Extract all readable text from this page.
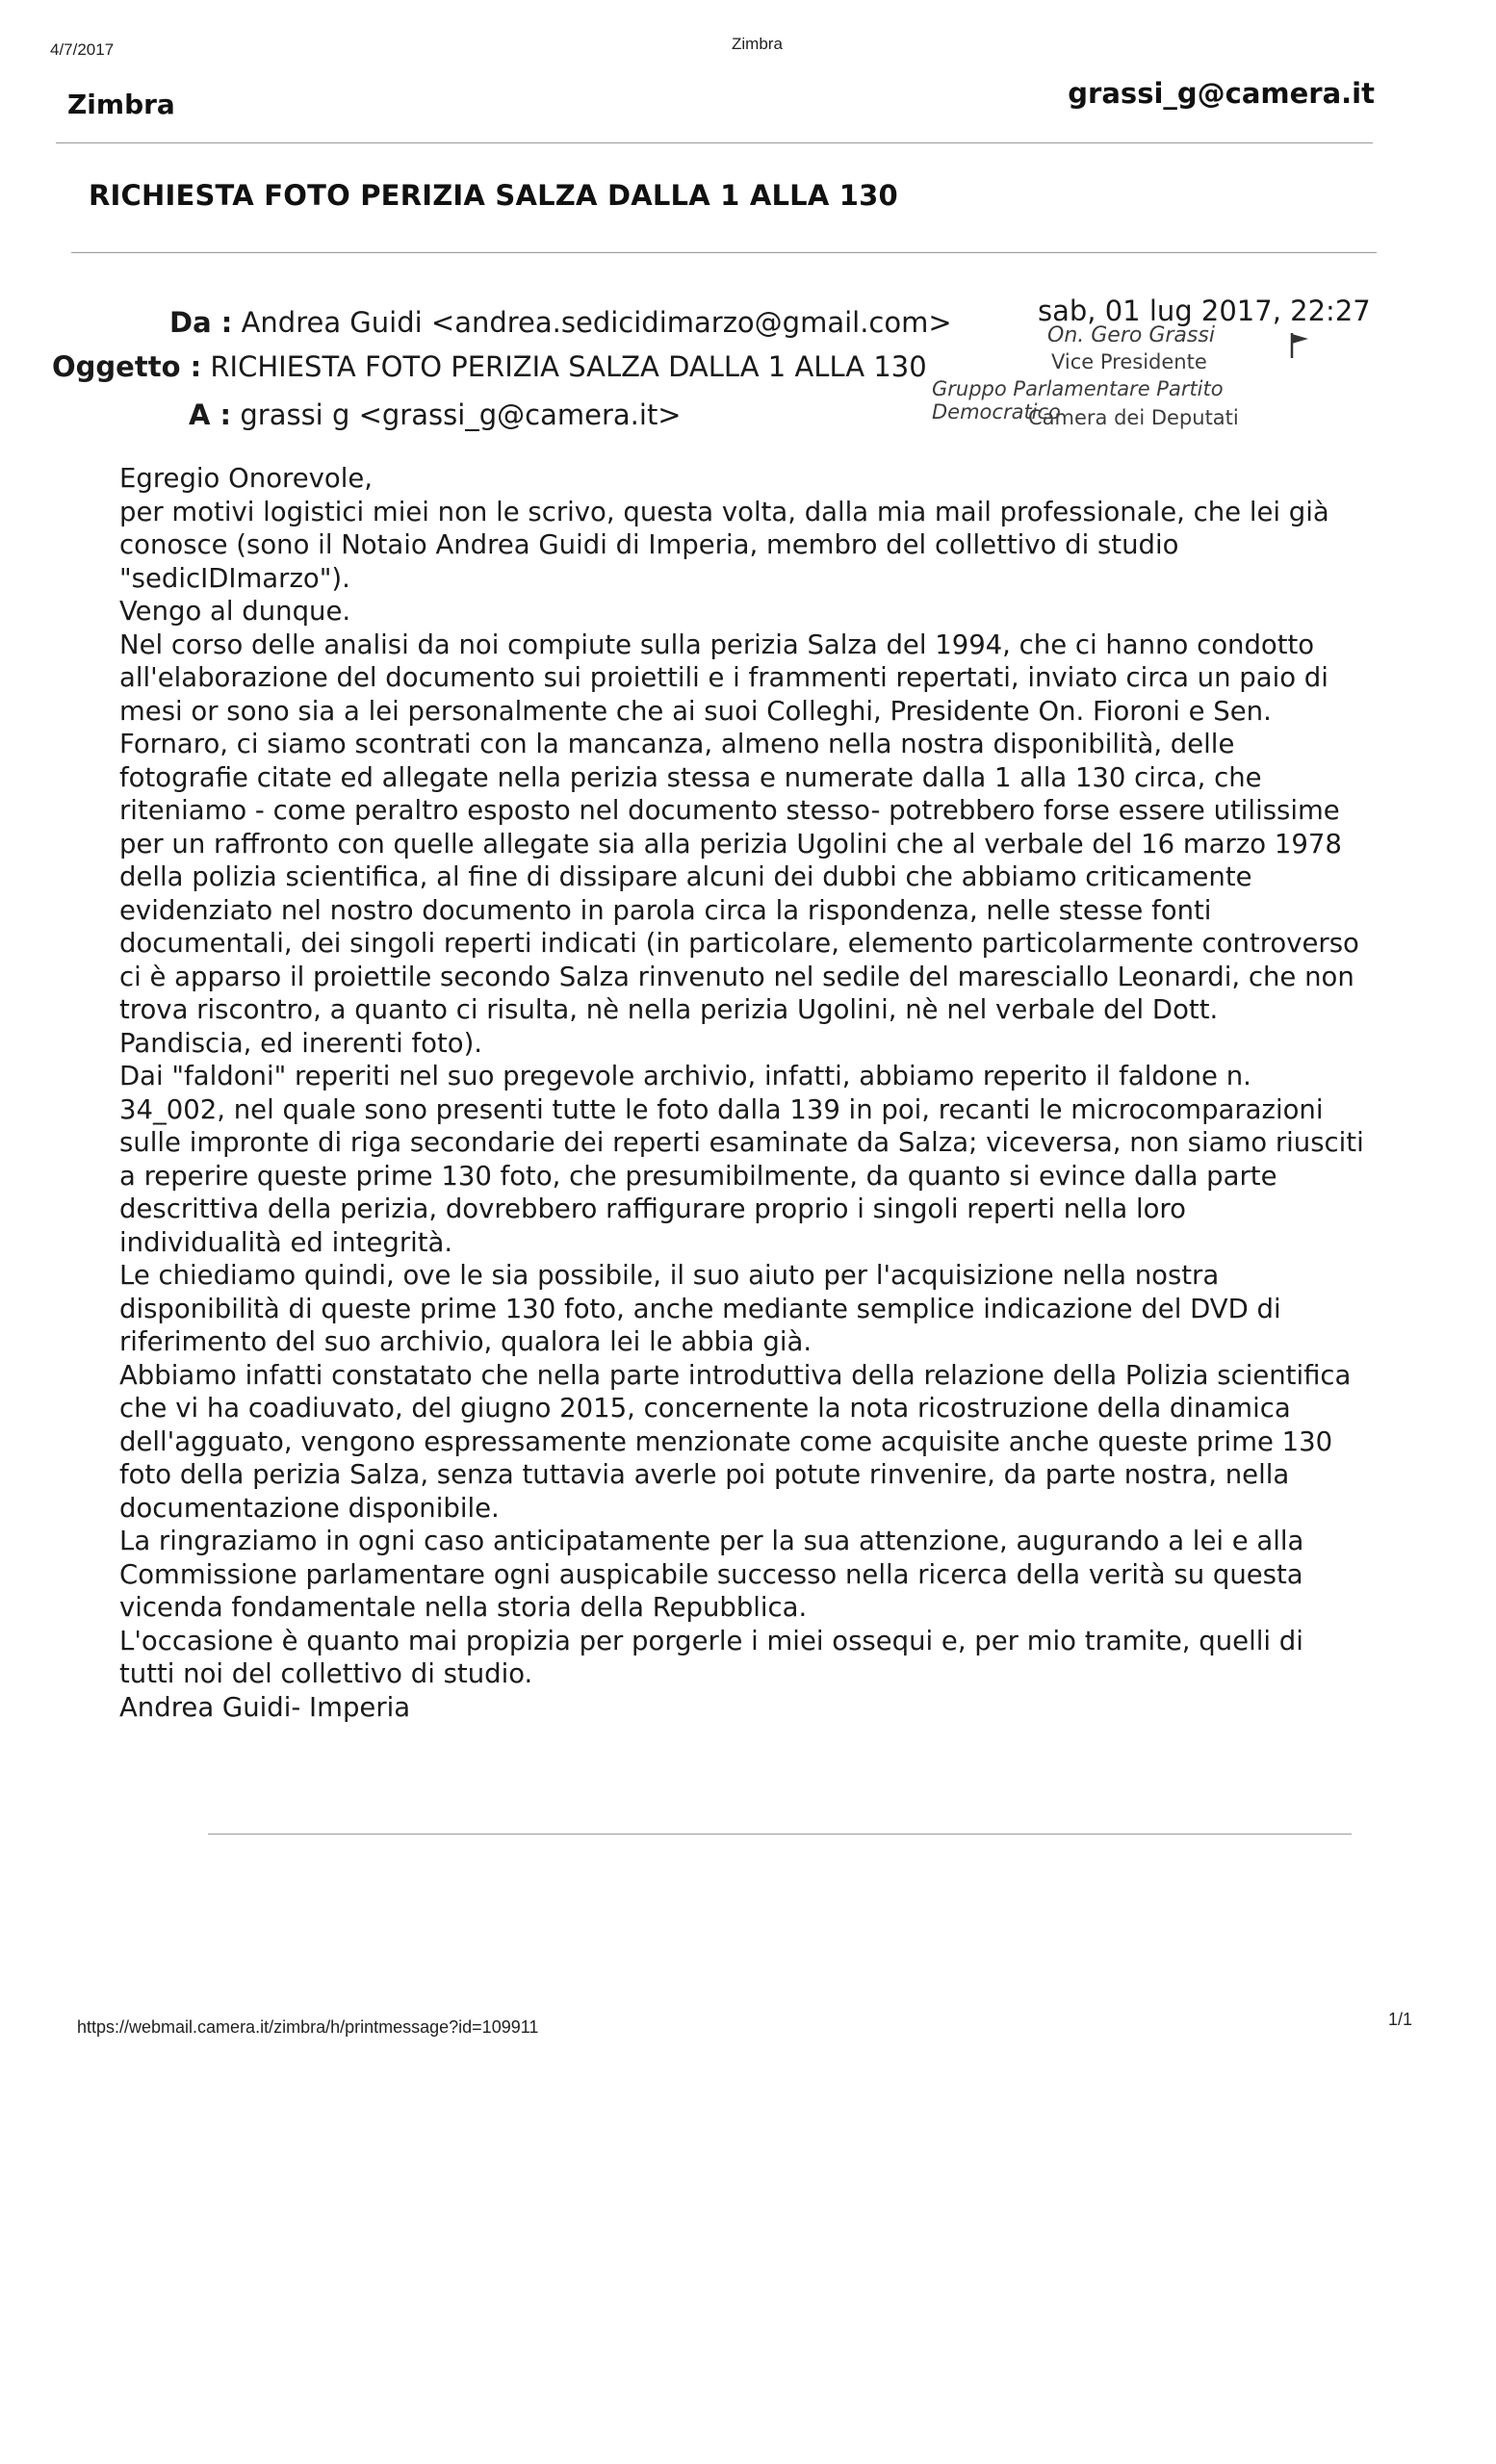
4/7/2017	Zimbra
Zimbra	grassi_g@camera.it
RICHIESTA FOTO PERIZIA SALZA DALLA 1 ALLA 130
Da : Andrea Guidi <andrea.sedicidimarzo@gmail.com>
Oggetto : RICHIESTA FOTO PERIZIA SALZA DALLA 1 ALLA 130
A : grassi g <grassi_g@camera.it>
sab, 01 lug 2017, 22:27
On. Gero Grassi
Vice Presidente
Gruppo Parlamentare Partito Democratico
Camera dei Deputati
Egregio Onorevole,
per motivi logistici miei non le scrivo, questa volta, dalla mia mail professionale, che lei già
conosce (sono il Notaio Andrea Guidi di Imperia, membro del collettivo di studio
"sedicIDImarzo").
Vengo al dunque.
Nel corso delle analisi da noi compiute sulla perizia Salza del 1994, che ci hanno condotto
all'elaborazione del documento sui proiettili e i frammenti repertati, inviato circa un paio di
mesi or sono sia a lei personalmente che ai suoi Colleghi, Presidente On. Fioroni e Sen.
Fornaro, ci siamo scontrati con la mancanza, almeno nella nostra disponibilità, delle
fotografie citate ed allegate nella perizia stessa e numerate dalla 1 alla 130 circa, che
riteniamo - come peraltro esposto nel documento stesso- potrebbero forse essere utilissime
per un raffronto con quelle allegate sia alla perizia Ugolini che al verbale del 16 marzo 1978
della polizia scientifica, al fine di dissipare alcuni dei dubbi che abbiamo criticamente
evidenziato nel nostro documento in parola circa la rispondenza, nelle stesse fonti
documentali, dei singoli reperti indicati (in particolare, elemento particolarmente controverso
ci è apparso il proiettile secondo Salza rinvenuto nel sedile del maresciallo Leonardi, che non
trova riscontro, a quanto ci risulta, nè nella perizia Ugolini, nè nel verbale del Dott.
Pandiscia, ed inerenti foto).
Dai "faldoni" reperiti nel suo pregevole archivio, infatti, abbiamo reperito il faldone n.
34_002, nel quale sono presenti tutte le foto dalla 139 in poi, recanti le microcomparazioni
sulle impronte di riga secondarie dei reperti esaminate da Salza; viceversa, non siamo riusciti
a reperire queste prime 130 foto, che presumibilmente, da quanto si evince dalla parte
descrittiva della perizia, dovrebbero raffigurare proprio i singoli reperti nella loro
individualità ed integrità.
Le chiediamo quindi, ove le sia possibile, il suo aiuto per l'acquisizione nella nostra
disponibilità di queste prime 130 foto, anche mediante semplice indicazione del DVD di
riferimento del suo archivio, qualora lei le abbia già.
Abbiamo infatti constatato che nella parte introduttiva della relazione della Polizia scientifica
che vi ha coadiuvato, del giugno 2015, concernente la nota ricostruzione della dinamica
dell'agguato, vengono espressamente menzionate come acquisite anche queste prime 130
foto della perizia Salza, senza tuttavia averle poi potute rinvenire, da parte nostra, nella
documentazione disponibile.
La ringraziamo in ogni caso anticipatamente per la sua attenzione, augurando a lei e alla
Commissione parlamentare ogni auspicabile successo nella ricerca della verità su questa
vicenda fondamentale nella storia della Repubblica.
L'occasione è quanto mai propizia per porgerle i miei ossequi e, per mio tramite, quelli di
tutti noi del collettivo di studio.
Andrea Guidi- Imperia
https://webmail.camera.it/zimbra/h/printmessage?id=109911	1/1
